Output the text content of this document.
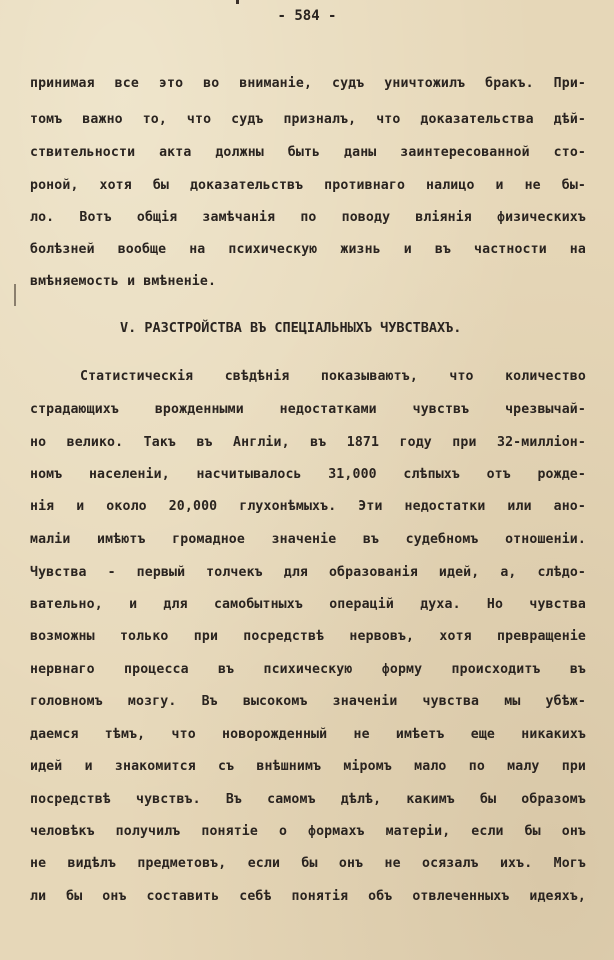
- 584 -
принимая все это во вниманіе, судъ уничтожилъ бракъ. При-
томъ важно то, что судъ призналъ, что доказательства дѣй-
ствительности акта должны быть даны заинтересованной сто-
роной, хотя бы доказательствъ противнаго налицо и не бы-
ло. Вотъ общія замѣчанія по поводу вліянія физическихъ
болѣзней вообще на психическую жизнь и въ частности на
вмѣняемость и вмѣненіе.
V. РАЗСТРОЙСТВА ВЪ СПЕЦІАЛЬНЫХЪ ЧУВСТВАХЪ.
Статистическія свѣдѣнія показываютъ, что количество
страдающихъ врожденными недостатками чувствъ чрезвычай-
но велико. Такъ въ Англіи, въ 1871 году при 32-милліон-
номъ населеніи, насчитывалось 31,000 слѣпыхъ отъ рожде-
нія и около 20,000 глухонѣмыхъ. Эти недостатки или ано-
маліи имѣютъ громадное значеніе въ судебномъ отношеніи.
Чувства - первый толчекъ для образованія идей, а, слѣдо-
вательно, и для самобытныхъ операцій духа. Но чувства
возможны только при посредствѣ нервовъ, хотя превращеніе
нервнаго процесса въ психическую форму происходитъ въ
головномъ мозгу. Въ высокомъ значеніи чувства мы убѣж-
даемся тѣмъ, что новорожденный не имѣетъ еще никакихъ
идей и знакомится съ внѣшнимъ міромъ мало по малу при
посредствѣ чувствъ. Въ самомъ дѣлѣ, какимъ бы образомъ
человѣкъ получилъ понятіе о формахъ матеріи, если бы онъ
не видѣлъ предметовъ, если бы онъ не осязалъ ихъ. Могъ
ли бы онъ составить себѣ понятія объ отвлеченныхъ идеяхъ,
